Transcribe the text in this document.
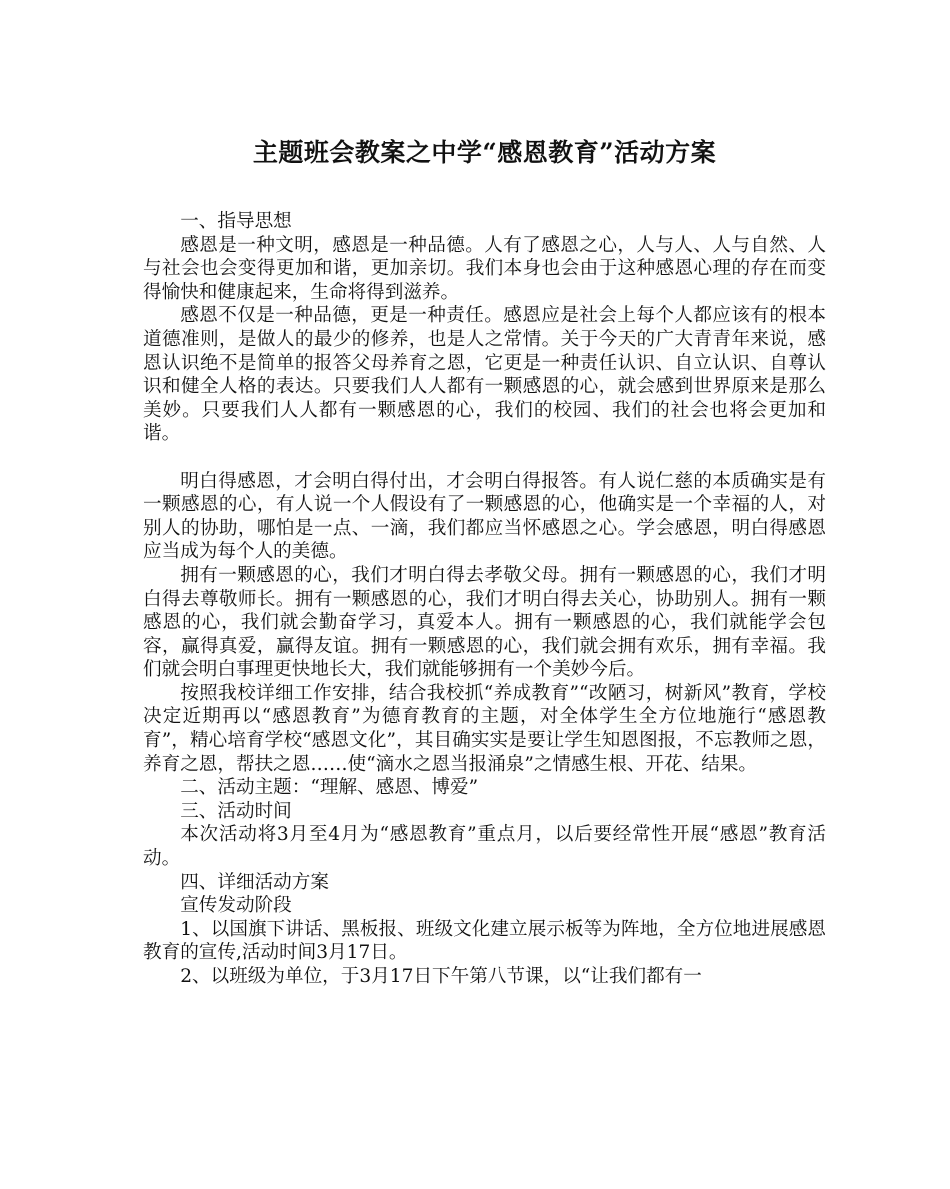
主题班会教案之中学“感恩教育”活动方案

一、指导思想

感恩是一种文明，感恩是一种品德。人有了感恩之心，人与人、人与自然、人与社会也会变得更加和谐，更加亲切。我们本身也会由于这种感恩心理的存在而变得愉快和健康起来，生命将得到滋养。

感恩不仅是一种品德，更是一种责任。感恩应是社会上每个人都应该有的根本道德准则，是做人的最少的修养，也是人之常情。关于今天的广大青青年来说，感恩认识绝不是简单的报答父母养育之恩，它更是一种责任认识、自立认识、自尊认识和健全人格的表达。只要我们人人都有一颗感恩的心，就会感到世界原来是那么美妙。只要我们人人都有一颗感恩的心，我们的校园、我们的社会也将会更加和谐。

明白得感恩，才会明白得付出，才会明白得报答。有人说仁慈的本质确实是有一颗感恩的心，有人说一个人假设有了一颗感恩的心，他确实是一个幸福的人，对别人的协助，哪怕是一点、一滴，我们都应当怀感恩之心。学会感恩，明白得感恩应当成为每个人的美德。

拥有一颗感恩的心，我们才明白得去孝敬父母。拥有一颗感恩的心，我们才明白得去尊敬师长。拥有一颗感恩的心，我们才明白得去关心，协助别人。拥有一颗感恩的心，我们就会勤奋学习，真爱本人。拥有一颗感恩的心，我们就能学会包容，赢得真爱，赢得友谊。拥有一颗感恩的心，我们就会拥有欢乐，拥有幸福。我们就会明白事理更快地长大，我们就能够拥有一个美妙今后。

按照我校详细工作安排，结合我校抓“养成教育”“改陋习，树新风”教育，学校决定近期再以“感恩教育”为德育教育的主题，对全体学生全方位地施行“感恩教育”，精心培育学校“感恩文化”，其目确实实是要让学生知恩图报，不忘教师之恩，养育之恩，帮扶之恩……使“滴水之恩当报涌泉”之情感生根、开花、结果。

二、活动主题：“理解、感恩、博爱”

三、活动时间

本次活动将3月至4月为“感恩教育”重点月，以后要经常性开展“感恩”教育活动。

四、详细活动方案

宣传发动阶段

1、以国旗下讲话、黑板报、班级文化建立展示板等为阵地，全方位地进展感恩教育的宣传,活动时间3月17日。

2、以班级为单位，于3月17日下午第八节课，以“让我们都有一
